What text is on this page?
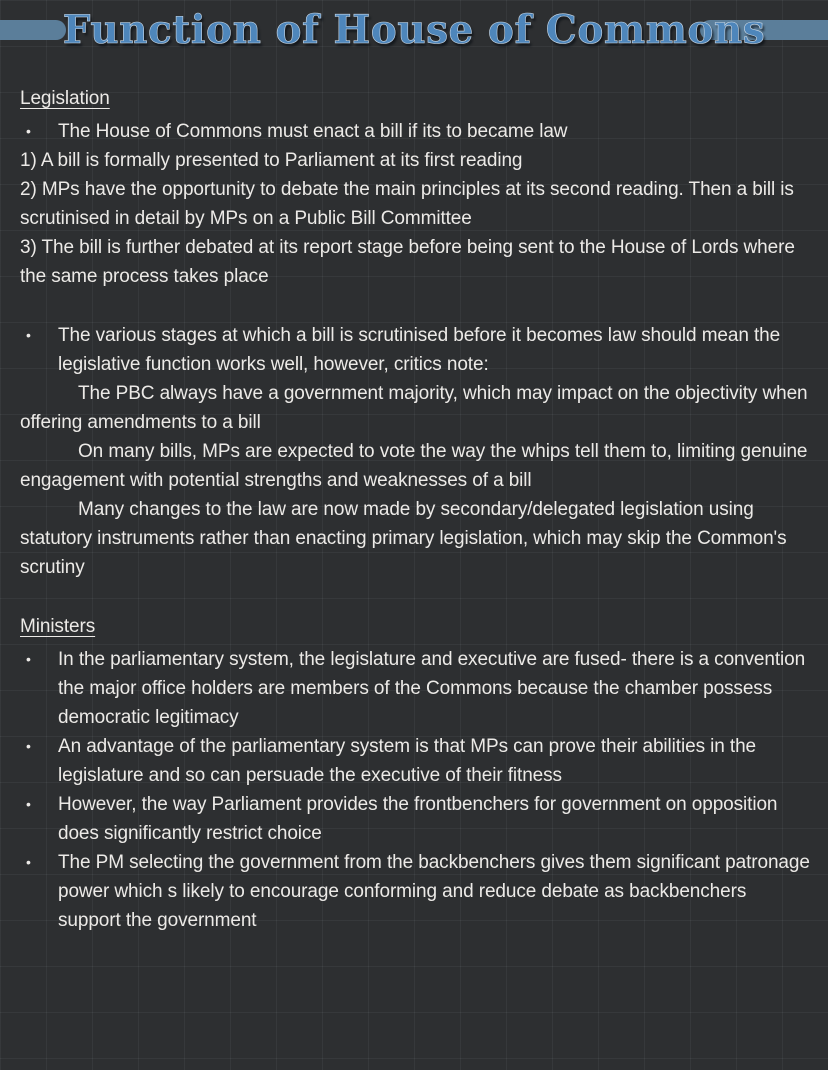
Function of House of Commons
Legislation

•	The House of Commons must enact a bill if its to became law

1) A bill is formally presented to Parliament at its first reading

2) MPs have the opportunity to debate the main principles at its second reading. Then a bill is scrutinised in detail by MPs on a Public Bill Committee

3) The bill is further debated at its report stage before being sent to the House of Lords where the same process takes place

•	The various stages at which a bill is scrutinised before it becomes law should mean the legislative function works well, however, critics note:

The PBC always have a government majority, which may impact on the objectivity when offering amendments to a bill

On many bills, MPs are expected to vote the way the whips tell them to, limiting genuine engagement with potential strengths and weaknesses of a bill

Many changes to the law are now made by secondary/delegated legislation using statutory instruments rather than enacting primary legislation, which may skip the Common's scrutiny

Ministers

•	In the parliamentary system, the legislature and executive are fused- there is a convention the major office holders are members of the Commons because the chamber possess democratic legitimacy

•	An advantage of the parliamentary system is that MPs can prove their abilities in the legislature and so can persuade the executive of their fitness

•	However, the way Parliament provides the frontbenchers for government on opposition does significantly restrict choice

•	The PM selecting the government from the backbenchers gives them significant patronage power which s likely to encourage conforming and reduce debate as backbenchers support the government
